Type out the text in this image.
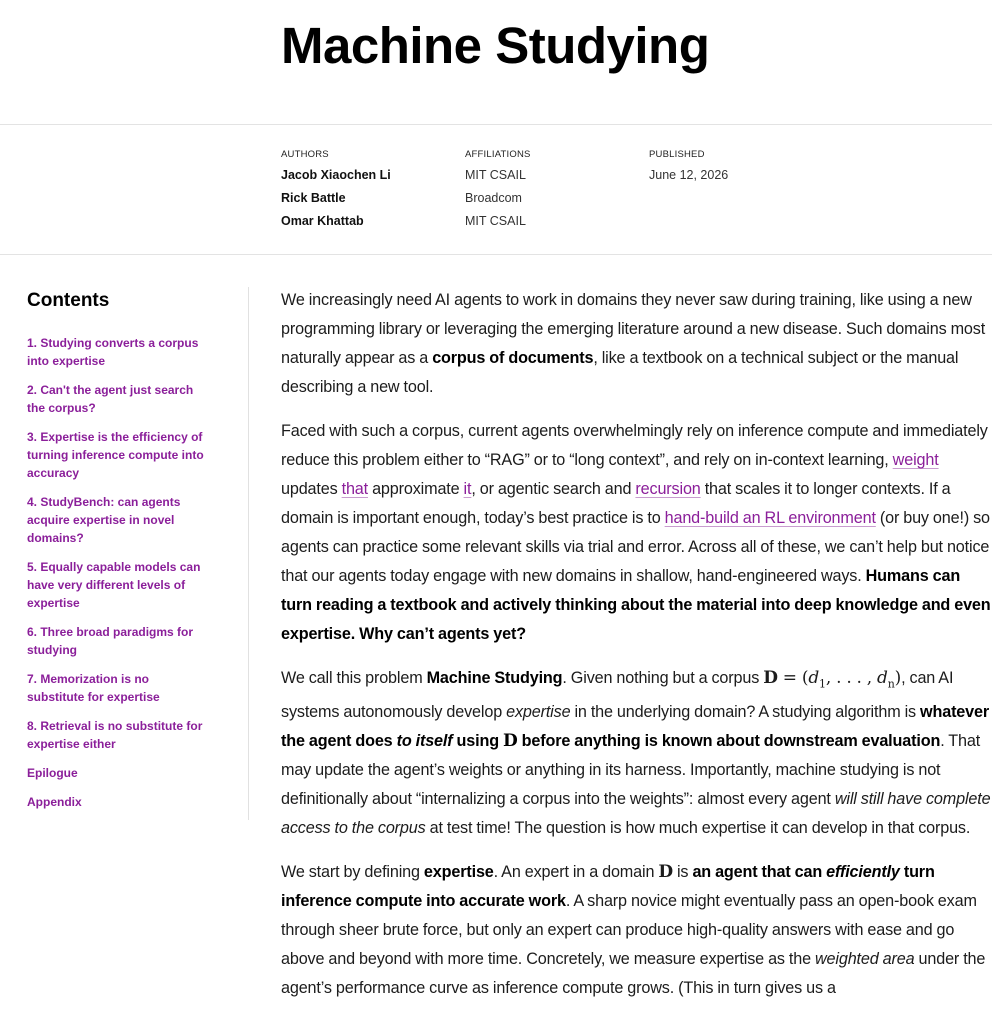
Machine Studying
AUTHORS
Jacob Xiaochen Li
Rick Battle
Omar Khattab
AFFILIATIONS
MIT CSAIL
Broadcom
MIT CSAIL
PUBLISHED
June 12, 2026
Contents
1. Studying converts a corpus into expertise
2. Can't the agent just search the corpus?
3. Expertise is the efficiency of turning inference compute into accuracy
4. StudyBench: can agents acquire expertise in novel domains?
5. Equally capable models can have very different levels of expertise
6. Three broad paradigms for studying
7. Memorization is no substitute for expertise
8. Retrieval is no substitute for expertise either
Epilogue
Appendix

We increasingly need AI agents to work in domains they never saw during training, like using a new programming library or leveraging the emerging literature around a new disease. Such domains most naturally appear as a corpus of documents, like a textbook on a technical subject or the manual describing a new tool.

Faced with such a corpus, current agents overwhelmingly rely on inference compute and immediately reduce this problem either to “RAG” or to “long context”, and rely on in-context learning, weight updates that approximate it, or agentic search and recursion that scales it to longer contexts. If a domain is important enough, today’s best practice is to hand-build an RL environment (or buy one!) so agents can practice some relevant skills via trial and error. Across all of these, we can’t help but notice that our agents today engage with new domains in shallow, hand-engineered ways. Humans can turn reading a textbook and actively thinking about the material into deep knowledge and even expertise. Why can’t agents yet?

We call this problem Machine Studying. Given nothing but a corpus $D = (d_1$, . . . , $d_n$), can AI systems autonomously develop expertise in the underlying domain? A studying algorithm is whatever the agent does to itself using D before anything is known about downstream evaluation. That may update the agent’s weights or anything in its harness. Importantly, machine studying is not definitionally about “internalizing a corpus into the weights”: almost every agent will still have complete access to the corpus at test time! The question is how much expertise it can develop in that corpus.

We start by defining expertise. An expert in a domain D is an agent that can efficiently turn inference compute into accurate work. A sharp novice might eventually pass an open-book exam through sheer brute force, but only an expert can produce high-quality answers with ease and go above and beyond with more time. Concretely, we measure expertise as the weighted area under the agent’s performance curve as inference compute grows. (This in turn gives us a
